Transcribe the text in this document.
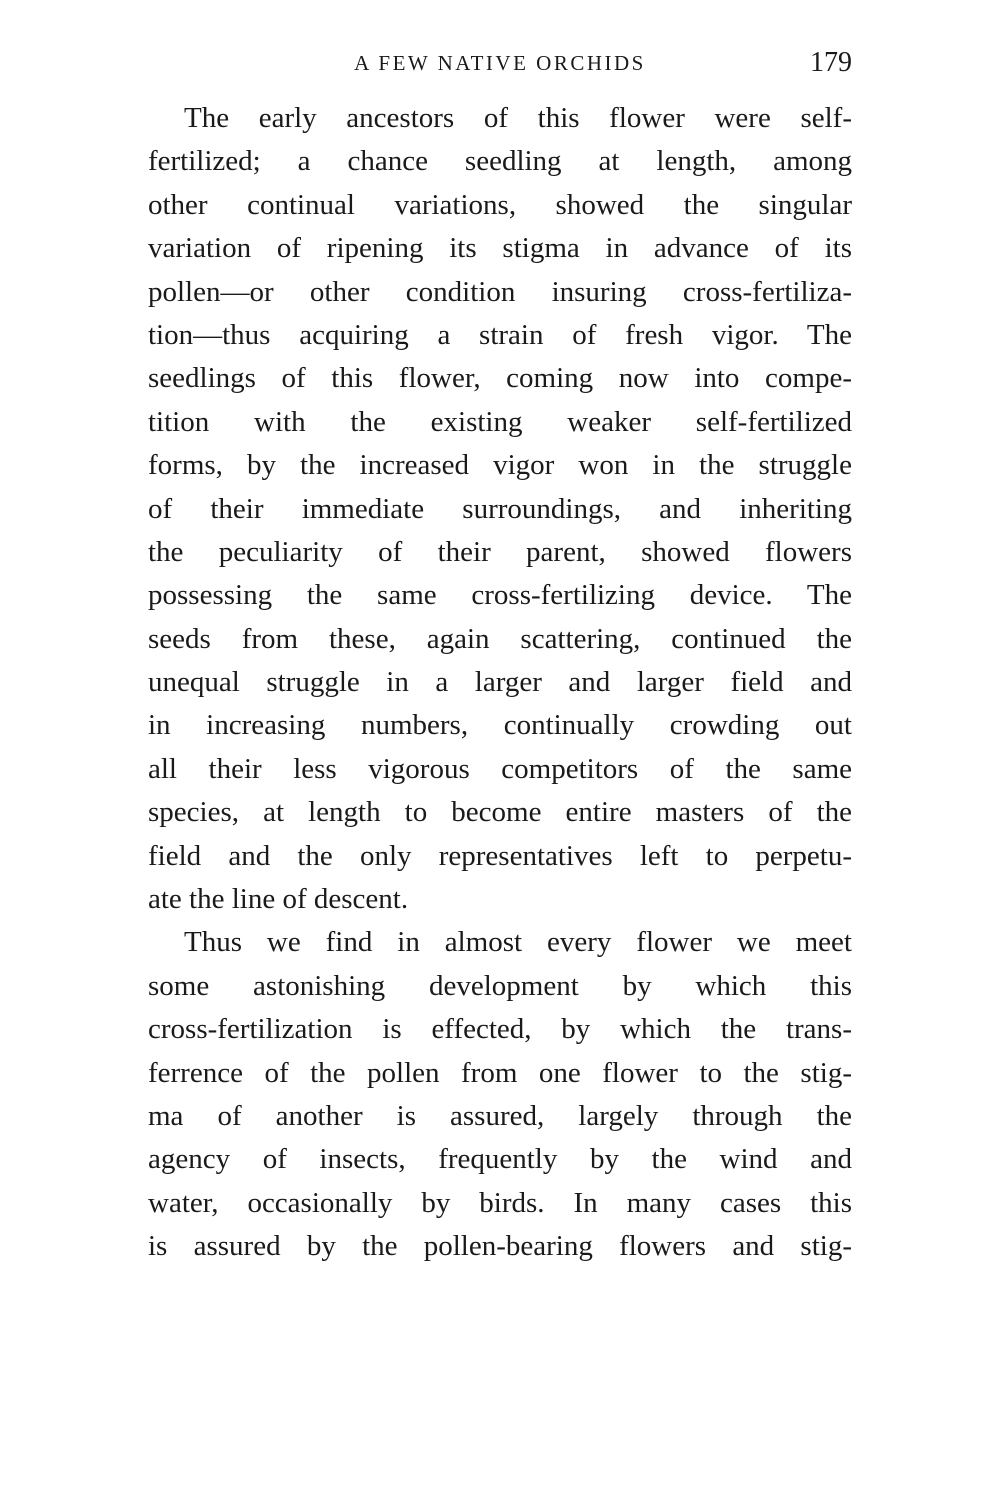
A FEW NATIVE ORCHIDS	179
The early ancestors of this flower were self-
fertilized; a chance seedling at length, among
other continual variations, showed the singular
variation of ripening its stigma in advance of its
pollen—or other condition insuring cross-fertiliza-
tion—thus acquiring a strain of fresh vigor. The
seedlings of this flower, coming now into compe-
tition with the existing weaker self-fertilized
forms, by the increased vigor won in the struggle
of their immediate surroundings, and inheriting
the peculiarity of their parent, showed flowers
possessing the same cross-fertilizing device. The
seeds from these, again scattering, continued the
unequal struggle in a larger and larger field and
in increasing numbers, continually crowding out
all their less vigorous competitors of the same
species, at length to become entire masters of the
field and the only representatives left to perpetu-
ate the line of descent.
Thus we find in almost every flower we meet
some astonishing development by which this
cross-fertilization is effected, by which the trans-
ferrence of the pollen from one flower to the stig-
ma of another is assured, largely through the
agency of insects, frequently by the wind and
water, occasionally by birds. In many cases this
is assured by the pollen-bearing flowers and stig-
